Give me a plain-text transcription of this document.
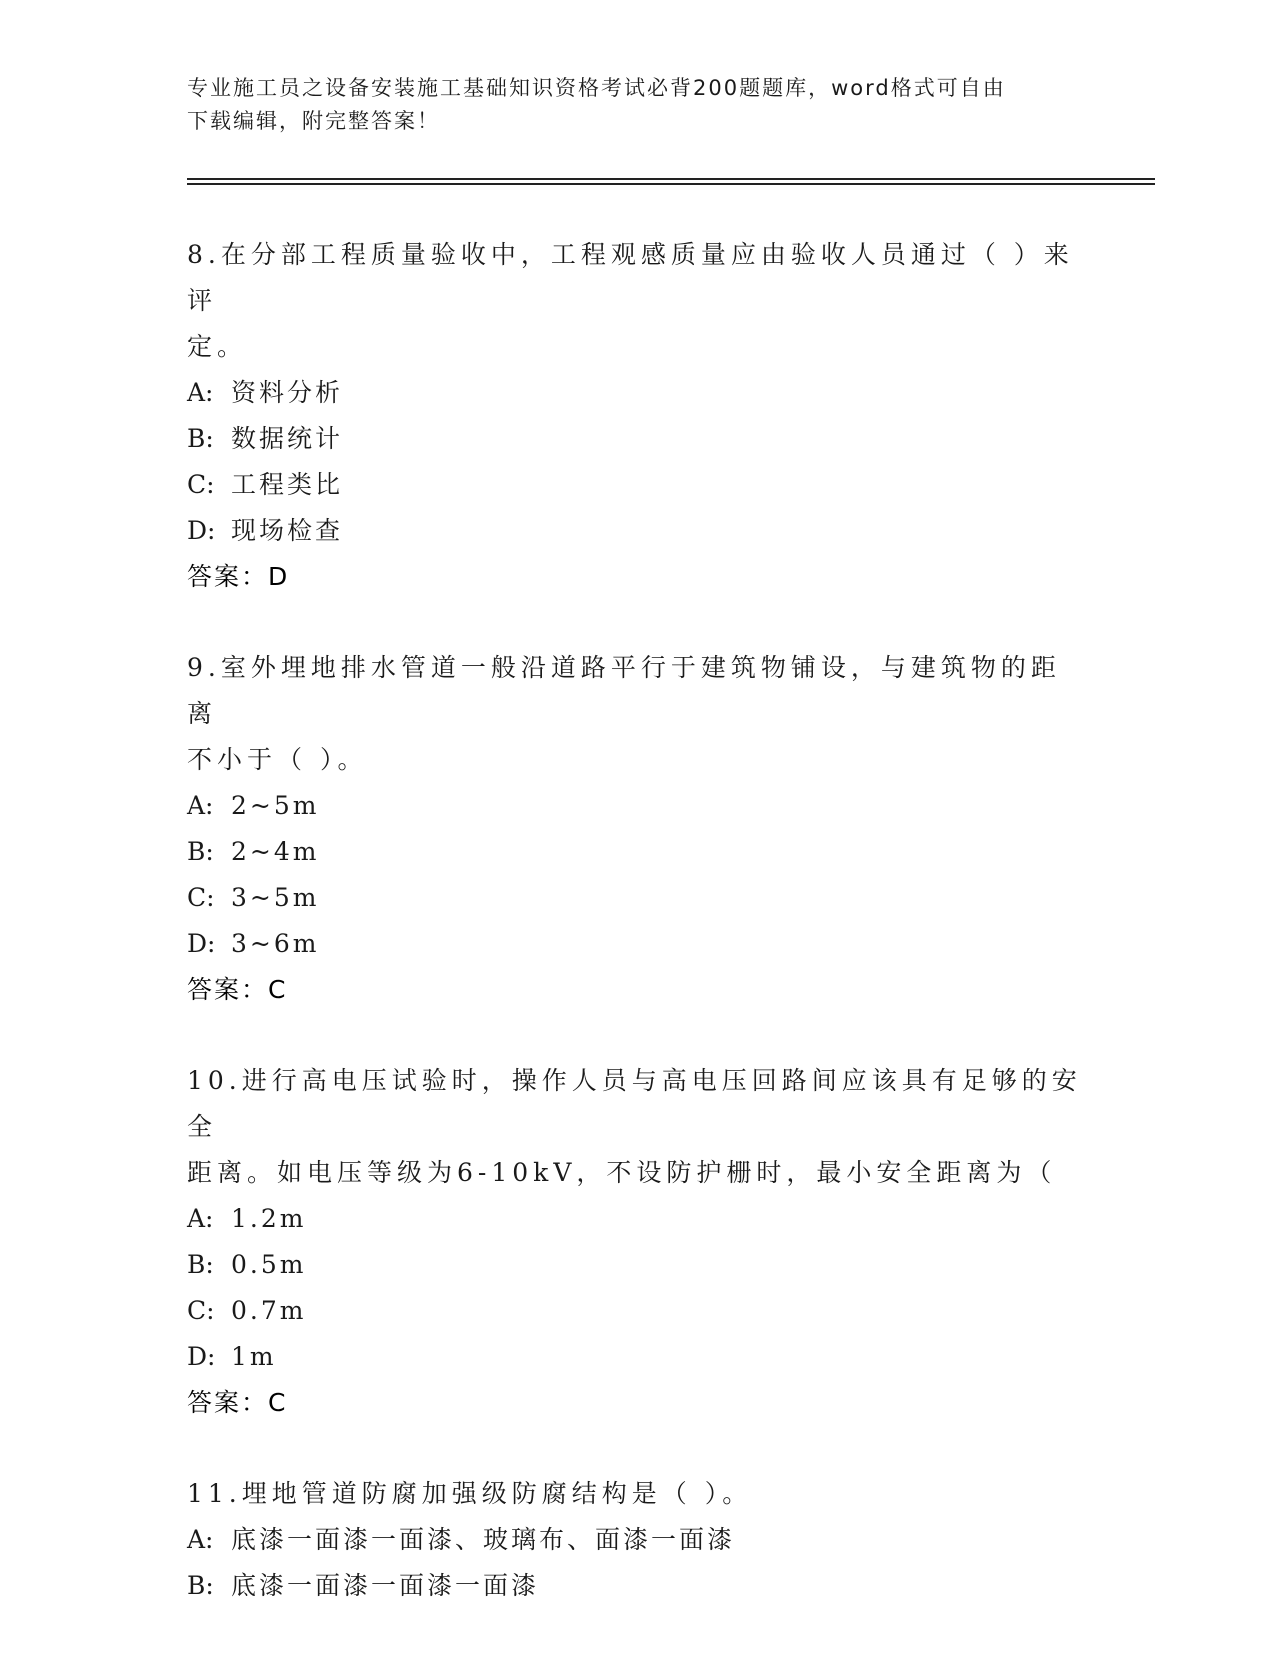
专业施工员之设备安装施工基础知识资格考试必背200题题库，word格式可自由
下载编辑，附完整答案！
8.在分部工程质量验收中，工程观感质量应由验收人员通过（ ）来评
定。
A: 资料分析
B: 数据统计
C: 工程类比
D: 现场检查
答案：D
9.室外埋地排水管道一般沿道路平行于建筑物铺设，与建筑物的距离
不小于（ ）。
A: 2~5m
B: 2~4m
C: 3~5m
D: 3~6m
答案：C
10.进行高电压试验时，操作人员与高电压回路间应该具有足够的安全
距离。如电压等级为6-10kV，不设防护栅时，最小安全距离为（
A: 1.2m
B: 0.5m
C: 0.7m
D: 1m
答案：C
11.埋地管道防腐加强级防腐结构是（ ）。
A: 底漆一面漆一面漆、玻璃布、面漆一面漆
B: 底漆一面漆一面漆一面漆
